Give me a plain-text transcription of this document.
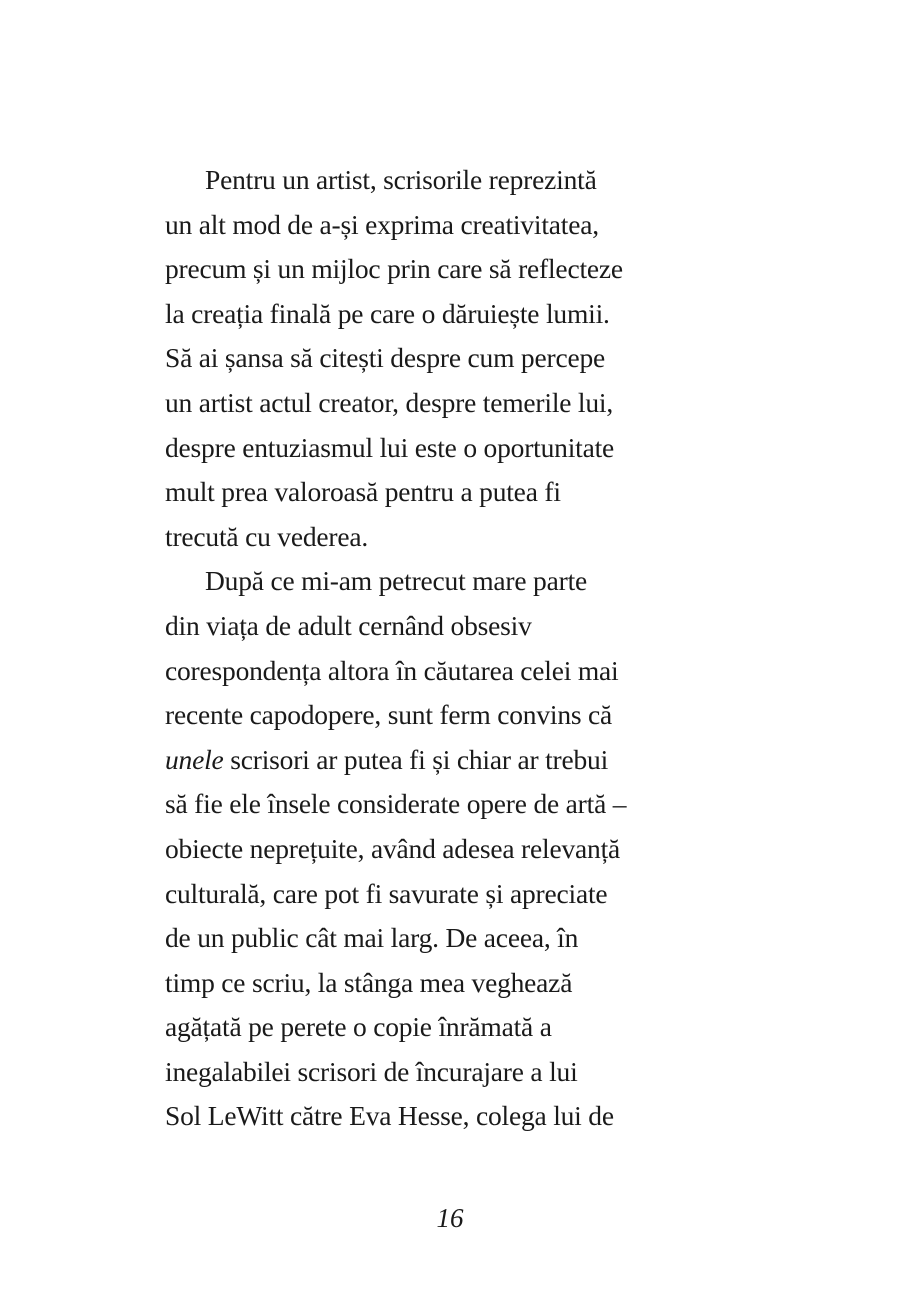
Pentru un artist, scrisorile reprezintă
un alt mod de a-și exprima creativitatea,
precum și un mijloc prin care să reflecteze
la creația finală pe care o dăruiește lumii.
Să ai șansa să citești despre cum percepe
un artist actul creator, despre temerile lui,
despre entuziasmul lui este o oportunitate
mult prea valoroasă pentru a putea fi
trecută cu vederea.

După ce mi-am petrecut mare parte
din viața de adult cernând obsesiv
corespondența altora în căutarea celei mai
recente capodopere, sunt ferm convins că
unele scrisori ar putea fi și chiar ar trebui
să fie ele însele considerate opere de artă –
obiecte neprețuite, având adesea relevanță
culturală, care pot fi savurate și apreciate
de un public cât mai larg. De aceea, în
timp ce scriu, la stânga mea veghează
agățată pe perete o copie înrămată a
inegalabilei scrisori de încurajare a lui
Sol LeWitt către Eva Hesse, colega lui de

16
